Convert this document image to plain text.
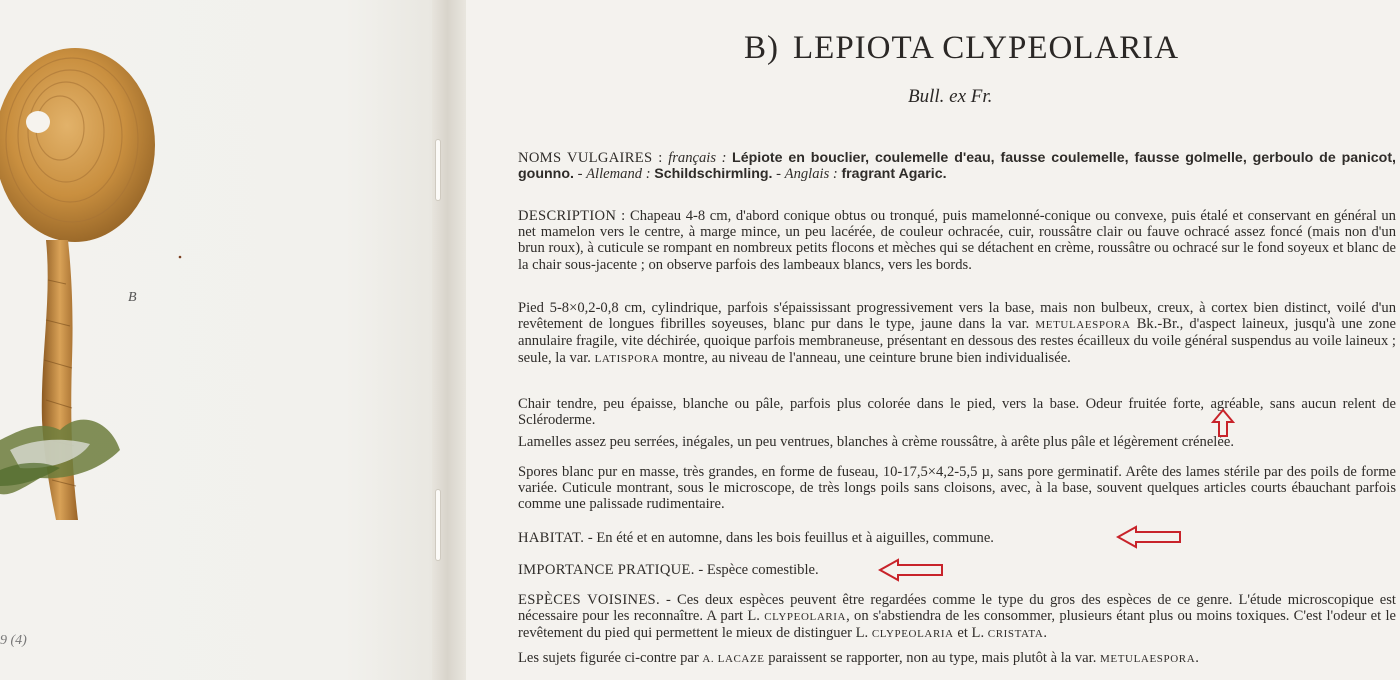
B
9 (4)
B) LEPIOTA CLYPEOLARIA
Bull. ex Fr.
NOMS VULGAIRES : français : Lépiote en bouclier, coulemelle d'eau, fausse coulemelle, fausse golmelle, gerboulo de panicot, gounno. - Allemand : Schildschirmling. - Anglais : fragrant Agaric.
DESCRIPTION : Chapeau 4-8 cm, d'abord conique obtus ou tronqué, puis mamelonné-conique ou convexe, puis étalé et conservant en général un net mamelon vers le centre, à marge mince, un peu lacérée, de couleur ochracée, cuir, roussâtre clair ou fauve ochracé assez foncé (mais non d'un brun roux), à cuticule se rompant en nombreux petits flocons et mèches qui se détachent en crème, roussâtre ou ochracé sur le fond soyeux et blanc de la chair sous-jacente ; on observe parfois des lambeaux blancs, vers les bords.
Pied 5-8×0,2-0,8 cm, cylindrique, parfois s'épaississant progressivement vers la base, mais non bulbeux, creux, à cortex bien distinct, voilé d'un revêtement de longues fibrilles soyeuses, blanc pur dans le type, jaune dans la var. METULAESPORA Bk.-Br., d'aspect laineux, jusqu'à une zone annulaire fragile, vite déchirée, quoique parfois membraneuse, présentant en dessous des restes écailleux du voile général suspendus au voile laineux ; seule, la var. LATISPORA montre, au niveau de l'anneau, une ceinture brune bien individualisée.
Chair tendre, peu épaisse, blanche ou pâle, parfois plus colorée dans le pied, vers la base. Odeur fruitée forte, agréable, sans aucun relent de Scléroderme.
Lamelles assez peu serrées, inégales, un peu ventrues, blanches à crème roussâtre, à arête plus pâle et légèrement crénelée.
Spores blanc pur en masse, très grandes, en forme de fuseau, 10-17,5×4,2-5,5 µ, sans pore germinatif. Arête des lames stérile par des poils de forme variée. Cuticule montrant, sous le microscope, de très longs poils sans cloisons, avec, à la base, souvent quelques articles courts ébauchant parfois comme une palissade rudimentaire.
HABITAT. - En été et en automne, dans les bois feuillus et à aiguilles, commune.
IMPORTANCE PRATIQUE. - Espèce comestible.
ESPÈCES VOISINES. - Ces deux espèces peuvent être regardées comme le type du gros des espèces de ce genre. L'étude microscopique est nécessaire pour les reconnaître. A part L. CLYPEOLARIA, on s'abstiendra de les consommer, plusieurs étant plus ou moins toxiques. C'est l'odeur et le revêtement du pied qui permettent le mieux de distinguer L. CLYPEOLARIA et L. CRISTATA.
Les sujets figurée ci-contre par A. LACAZE paraissent se rapporter, non au type, mais plutôt à la var. METULAESPORA.
